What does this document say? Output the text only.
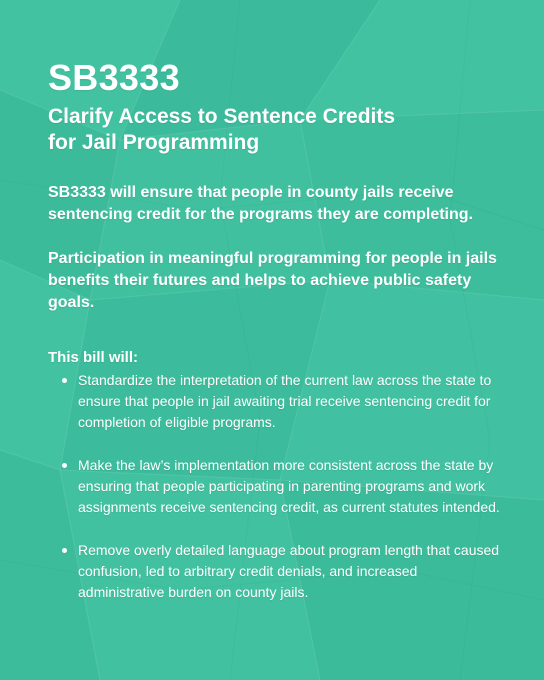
SB3333
Clarify Access to Sentence Credits
for Jail Programming

SB3333 will ensure that people in county jails receive sentencing credit for the programs they are completing.

Participation in meaningful programming for people in jails benefits their futures and helps to achieve public safety goals.

This bill will:
Standardize the interpretation of the current law across the state to ensure that people in jail awaiting trial receive sentencing credit for completion of eligible programs.
Make the law’s implementation more consistent across the state by ensuring that people participating in parenting programs and work assignments receive sentencing credit, as current statutes intended.
Remove overly detailed language about program length that caused confusion, led to arbitrary credit denials, and increased administrative burden on county jails.
